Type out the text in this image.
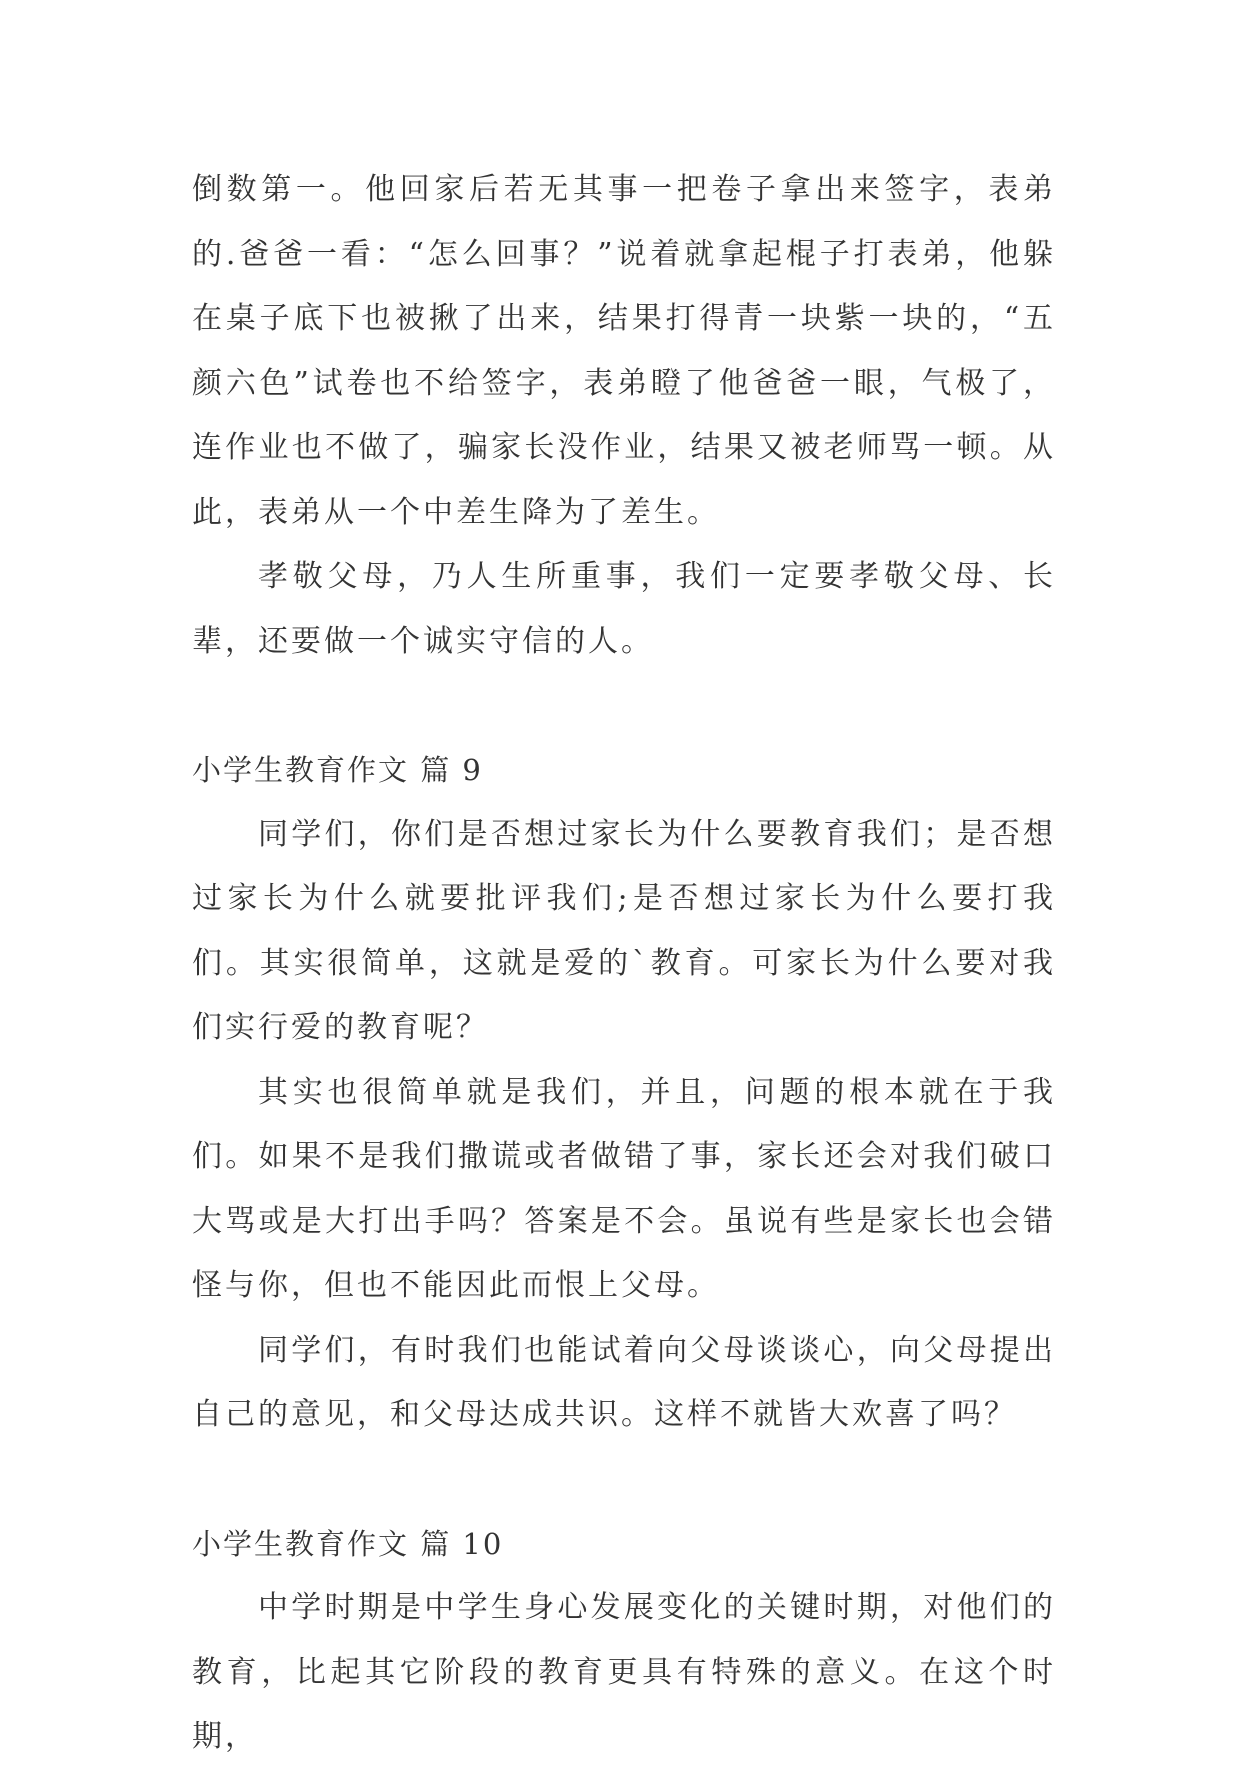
倒数第一。他回家后若无其事一把卷子拿出来签字，表弟的.爸爸一看：“怎么回事？”说着就拿起棍子打表弟，他躲在桌子底下也被揪了出来，结果打得青一块紫一块的，“五颜六色”试卷也不给签字，表弟瞪了他爸爸一眼，气极了，连作业也不做了，骗家长没作业，结果又被老师骂一顿。从此，表弟从一个中差生降为了差生。

孝敬父母，乃人生所重事，我们一定要孝敬父母、长辈，还要做一个诚实守信的人。

小学生教育作文 篇 9

同学们，你们是否想过家长为什么要教育我们；是否想过家长为什么就要批评我们;是否想过家长为什么要打我们。其实很简单，这就是爱的`教育。可家长为什么要对我们实行爱的教育呢？

其实也很简单就是我们，并且，问题的根本就在于我们。如果不是我们撒谎或者做错了事，家长还会对我们破口大骂或是大打出手吗？答案是不会。虽说有些是家长也会错怪与你，但也不能因此而恨上父母。

同学们，有时我们也能试着向父母谈谈心，向父母提出自己的意见，和父母达成共识。这样不就皆大欢喜了吗？

小学生教育作文 篇 10

中学时期是中学生身心发展变化的关键时期，对他们的教育，比起其它阶段的教育更具有特殊的意义。在这个时期，
